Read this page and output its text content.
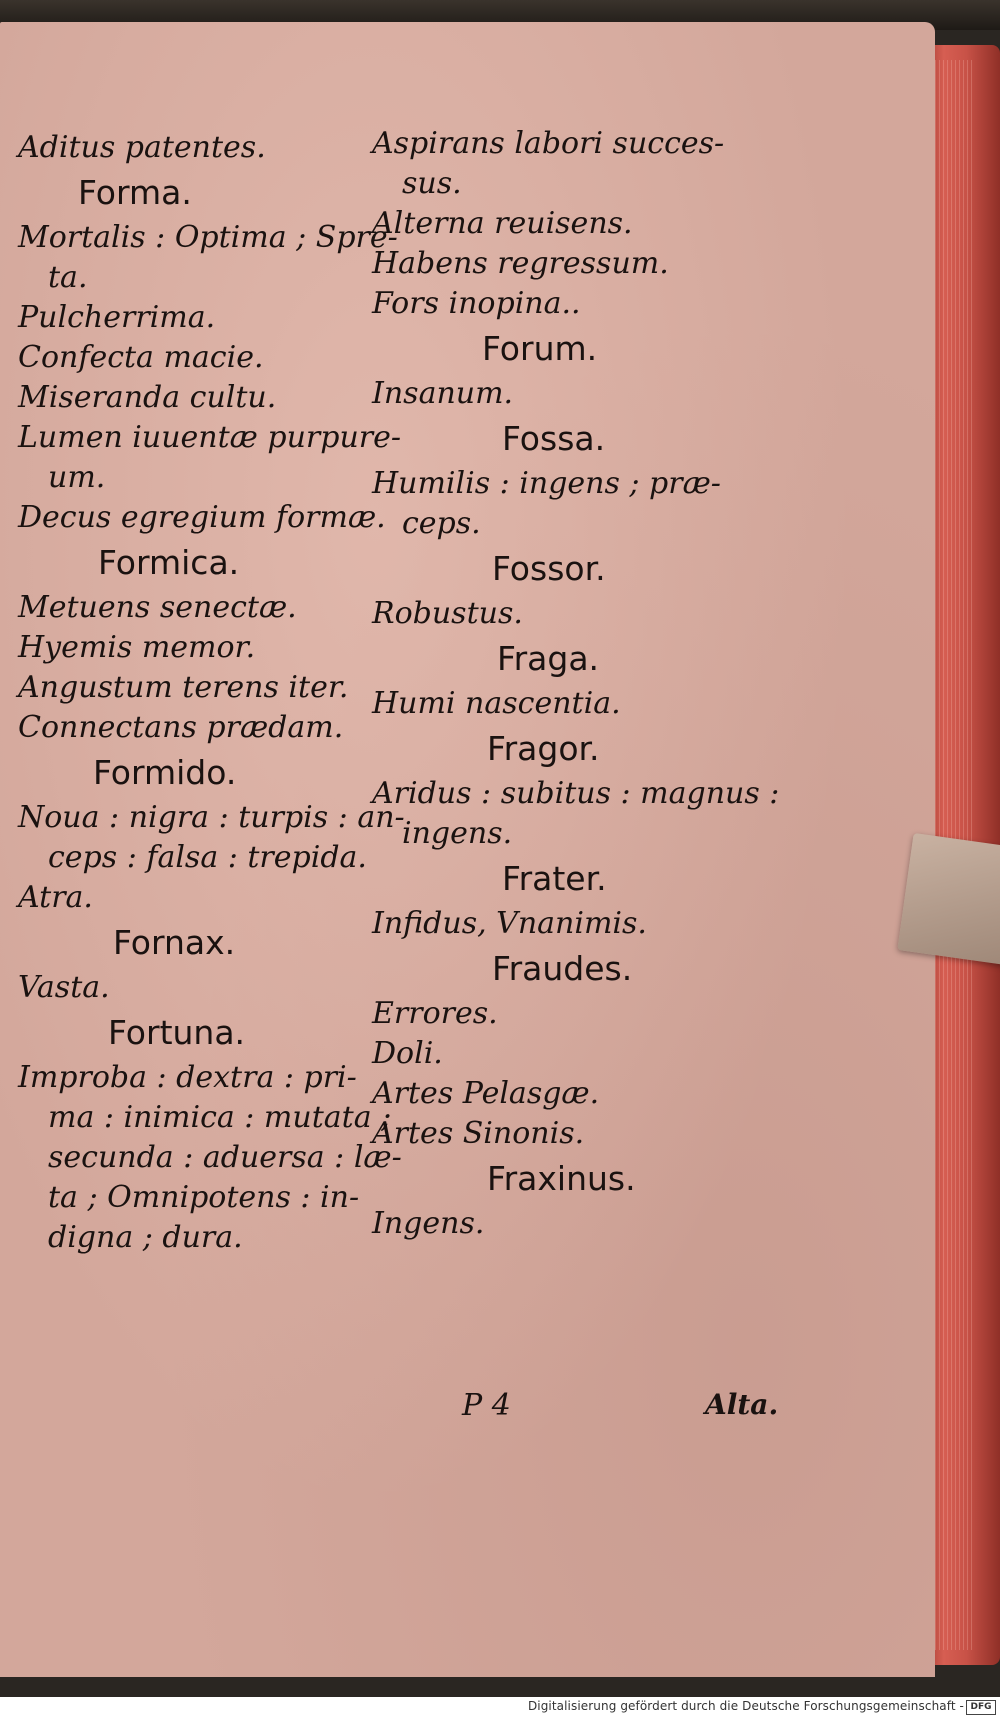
Aditus patentes.
Forma.
Mortalis : Optima ; Spre-
ta.
Pulcherrima.
Confecta macie.
Miseranda cultu.
Lumen iuuentæ purpure-
um.
Decus egregium formæ.
Formica.
Metuens senectæ.
Hyemis memor.
Angustum terens iter.
Connectans prædam.
Formido.
Noua : nigra : turpis : an-
ceps : falsa : trepida.
Atra.
Fornax.
Vasta.
Fortuna.
Improba : dextra : pri-
ma : inimica : mutata ;
secunda : aduersa : læ-
ta ; Omnipotens : in-
digna ; dura.
Aspirans labori succes-
sus.
Alterna reuisens.
Habens regressum.
Fors inopina..
Forum.
Insanum.
Fossa.
Humilis : ingens ; præ-
ceps.
Fossor.
Robustus.
Fraga.
Humi nascentia.
Fragor.
Aridus : subitus : magnus :
ingens.
Frater.
Infidus, Vnanimis.
Fraudes.
Errores.
Doli.
Artes Pelasgæ.
Artes Sinonis.
Fraxinus.
Ingens.
P 4	Alta.
Digitalisierung gefördert durch die Deutsche Forschungsgemeinschaft - DFG
